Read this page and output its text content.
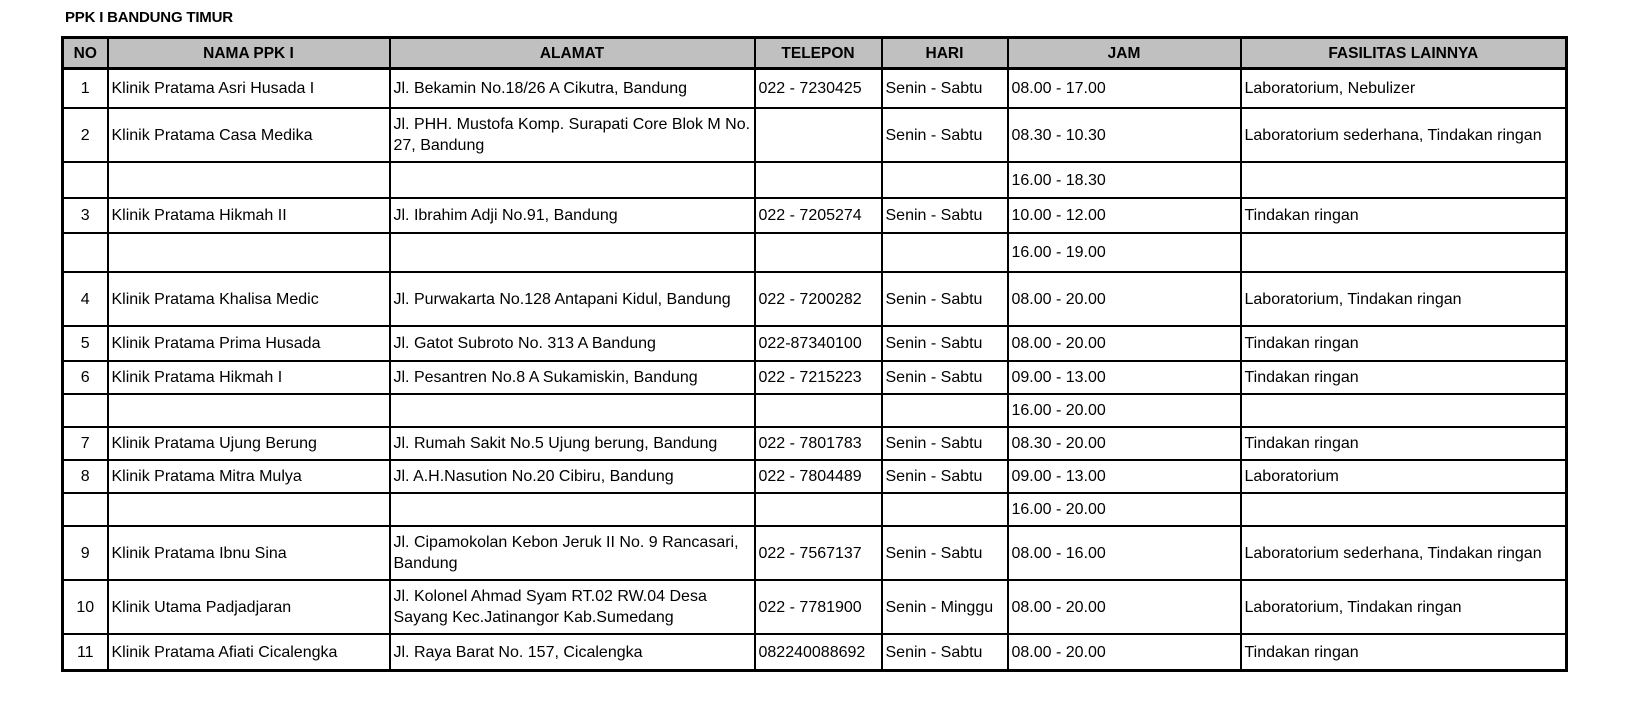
PPK I BANDUNG TIMUR
NO	NAMA PPK I	ALAMAT	TELEPON	HARI	JAM	FASILITAS LAINNYA
1	Klinik Pratama Asri Husada I	Jl. Bekamin No.18/26 A Cikutra, Bandung	022 - 7230425	Senin - Sabtu	08.00 - 17.00	Laboratorium, Nebulizer
2	Klinik Pratama Casa Medika	Jl. PHH. Mustofa Komp. Surapati Core Blok M No. 27, Bandung		Senin - Sabtu	08.30 - 10.30	Laboratorium sederhana, Tindakan ringan
					16.00 - 18.30	
3	Klinik Pratama Hikmah II	Jl. Ibrahim Adji No.91, Bandung	022 - 7205274	Senin - Sabtu	10.00 - 12.00	Tindakan ringan
					16.00 - 19.00	
4	Klinik Pratama Khalisa Medic	Jl. Purwakarta No.128 Antapani Kidul, Bandung	022 - 7200282	Senin - Sabtu	08.00 - 20.00	Laboratorium, Tindakan ringan
5	Klinik Pratama Prima Husada	Jl. Gatot Subroto No. 313 A Bandung	022-87340100	Senin - Sabtu	08.00 - 20.00	Tindakan ringan
6	Klinik Pratama Hikmah I	Jl. Pesantren No.8 A Sukamiskin, Bandung	022 - 7215223	Senin - Sabtu	09.00 - 13.00	Tindakan ringan
					16.00 - 20.00	
7	Klinik Pratama Ujung Berung	Jl. Rumah Sakit No.5 Ujung berung, Bandung	022 - 7801783	Senin - Sabtu	08.30 - 20.00	Tindakan ringan
8	Klinik Pratama Mitra Mulya	Jl. A.H.Nasution No.20 Cibiru, Bandung	022 - 7804489	Senin - Sabtu	09.00 - 13.00	Laboratorium
					16.00 - 20.00	
9	Klinik Pratama Ibnu Sina	Jl. Cipamokolan Kebon Jeruk II No. 9 Rancasari, Bandung	022 - 7567137	Senin - Sabtu	08.00 - 16.00	Laboratorium sederhana, Tindakan ringan
10	Klinik Utama Padjadjaran	Jl. Kolonel Ahmad Syam RT.02 RW.04 Desa Sayang Kec.Jatinangor Kab.Sumedang	022 - 7781900	Senin - Minggu	08.00 - 20.00	Laboratorium, Tindakan ringan
11	Klinik Pratama Afiati Cicalengka	Jl. Raya Barat No. 157, Cicalengka	082240088692	Senin - Sabtu	08.00 - 20.00	Tindakan ringan
